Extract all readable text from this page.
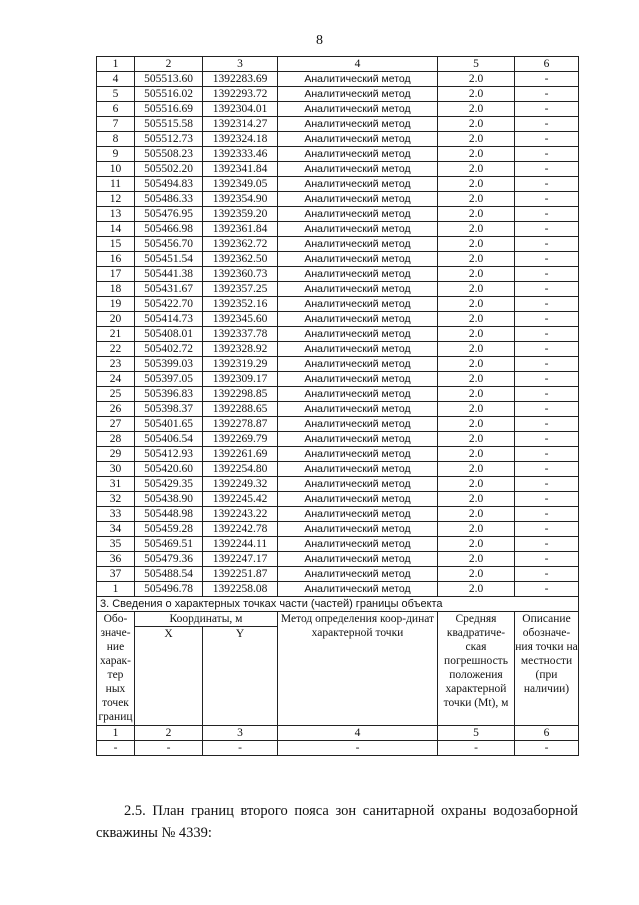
8
1	2	3	4	5	6
4	505513.60	1392283.69	Аналитический метод	2.0	-
5	505516.02	1392293.72	Аналитический метод	2.0	-
6	505516.69	1392304.01	Аналитический метод	2.0	-
7	505515.58	1392314.27	Аналитический метод	2.0	-
8	505512.73	1392324.18	Аналитический метод	2.0	-
9	505508.23	1392333.46	Аналитический метод	2.0	-
10	505502.20	1392341.84	Аналитический метод	2.0	-
11	505494.83	1392349.05	Аналитический метод	2.0	-
12	505486.33	1392354.90	Аналитический метод	2.0	-
13	505476.95	1392359.20	Аналитический метод	2.0	-
14	505466.98	1392361.84	Аналитический метод	2.0	-
15	505456.70	1392362.72	Аналитический метод	2.0	-
16	505451.54	1392362.50	Аналитический метод	2.0	-
17	505441.38	1392360.73	Аналитический метод	2.0	-
18	505431.67	1392357.25	Аналитический метод	2.0	-
19	505422.70	1392352.16	Аналитический метод	2.0	-
20	505414.73	1392345.60	Аналитический метод	2.0	-
21	505408.01	1392337.78	Аналитический метод	2.0	-
22	505402.72	1392328.92	Аналитический метод	2.0	-
23	505399.03	1392319.29	Аналитический метод	2.0	-
24	505397.05	1392309.17	Аналитический метод	2.0	-
25	505396.83	1392298.85	Аналитический метод	2.0	-
26	505398.37	1392288.65	Аналитический метод	2.0	-
27	505401.65	1392278.87	Аналитический метод	2.0	-
28	505406.54	1392269.79	Аналитический метод	2.0	-
29	505412.93	1392261.69	Аналитический метод	2.0	-
30	505420.60	1392254.80	Аналитический метод	2.0	-
31	505429.35	1392249.32	Аналитический метод	2.0	-
32	505438.90	1392245.42	Аналитический метод	2.0	-
33	505448.98	1392243.22	Аналитический метод	2.0	-
34	505459.28	1392242.78	Аналитический метод	2.0	-
35	505469.51	1392244.11	Аналитический метод	2.0	-
36	505479.36	1392247.17	Аналитический метод	2.0	-
37	505488.54	1392251.87	Аналитический метод	2.0	-
1	505496.78	1392258.08	Аналитический метод	2.0	-
3. Сведения о характерных точках части (частей) границы объекта					
Обо-значе-ние харак-тер ных точек границ	Координаты, м		Метод определения коор-динат характерной точки	Средняя квадратиче-ская погрешность положения характерной точки (Mt), м	Описание обозначе-ния точки на местности (при наличии)
	X	Y			
1	2	3	4	5	6
-	-	-	-	-	-

2.5. План границ второго пояса зон санитарной охраны водозаборной скважины № 4339:
